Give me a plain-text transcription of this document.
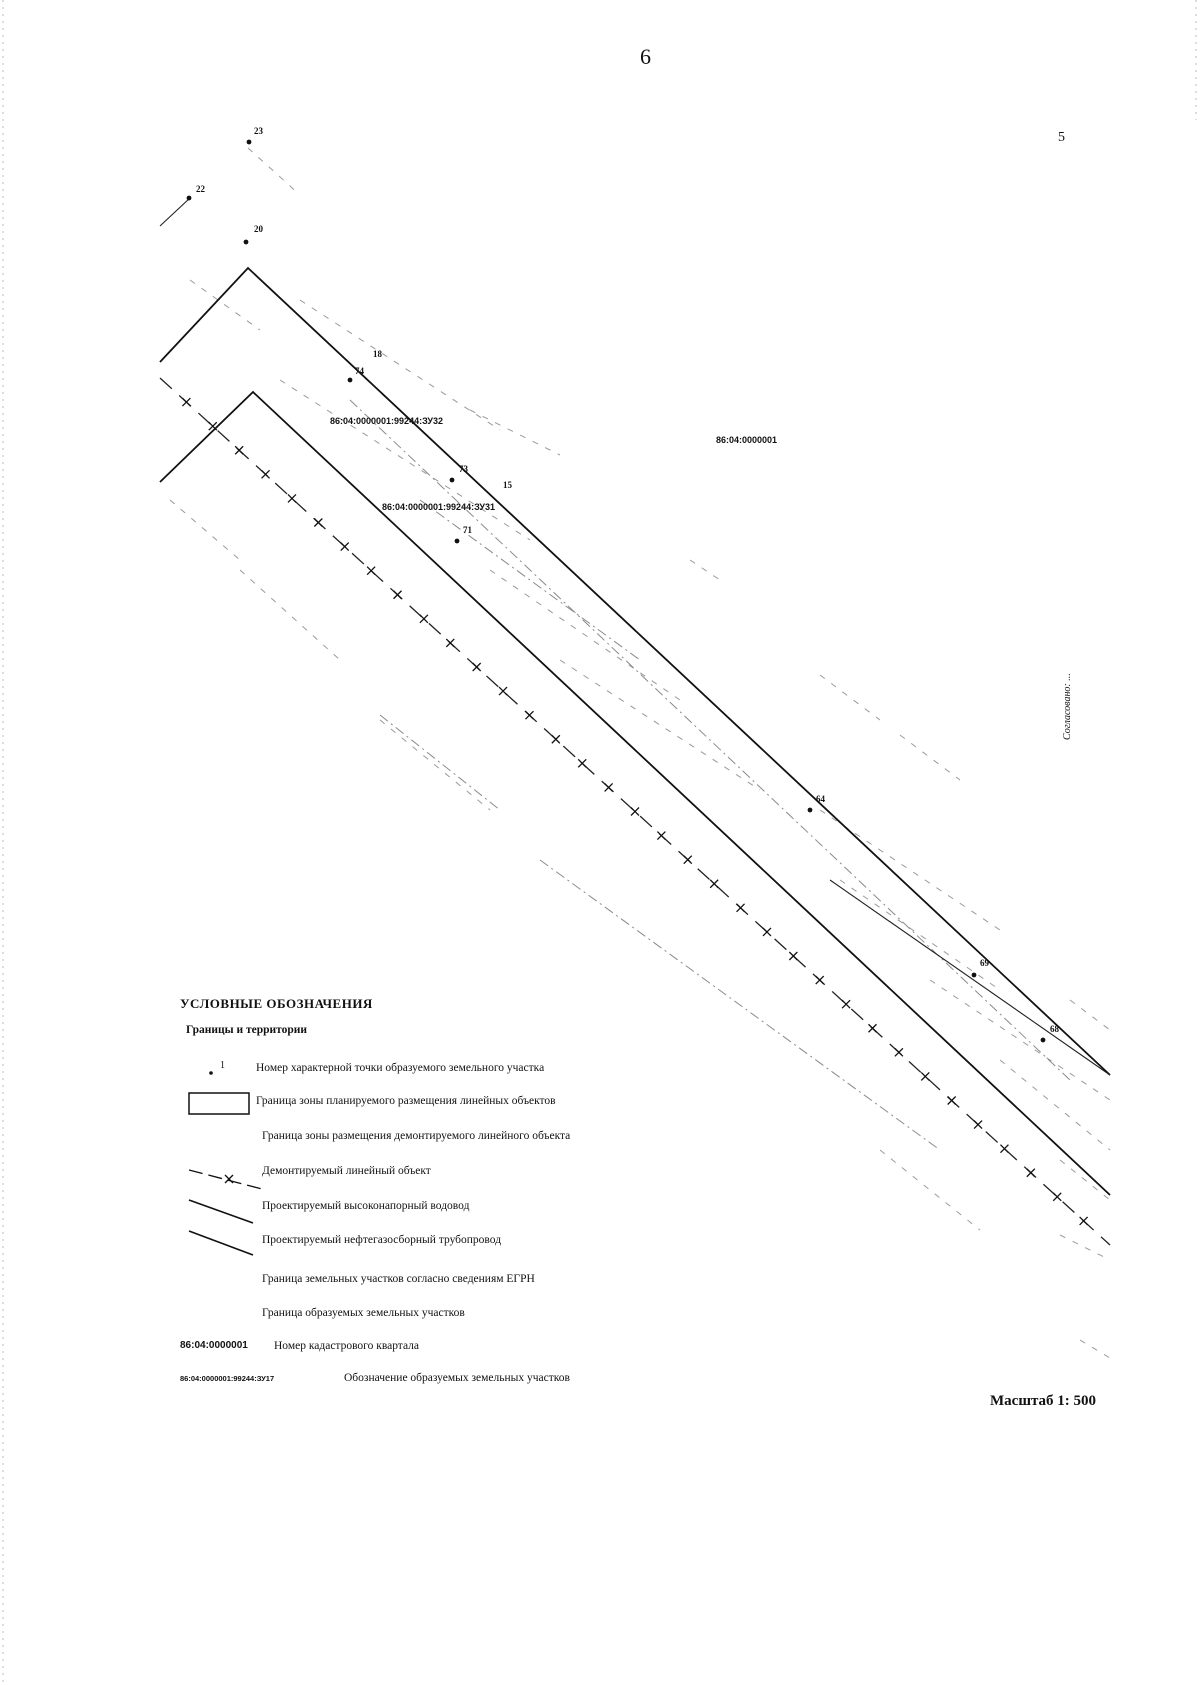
23
22
20
18
74
73
15
71
64
69
68
86:04:0000001:99244:ЗУ32
86:04:0000001:99244:ЗУ31
86:04:0000001
6
5
Согласовано: ...
УСЛОВНЫЕ ОБОЗНАЧЕНИЯ
Границы и территории
1	Номер характерной точки образуемого земельного участка
Граница зоны планируемого размещения линейных объектов
Граница зоны размещения демонтируемого линейного объекта
Демонтируемый линейный объект
Проектируемый высоконапорный водовод
Проектируемый нефтегазосборный трубопровод
Граница земельных участков согласно сведениям ЕГРН
Граница образуемых земельных участков
86:04:0000001 Номер кадастрового квартала
86:04:0000001:99244:ЗУ17	Обозначение образуемых земельных участков
Масштаб 1: 500
